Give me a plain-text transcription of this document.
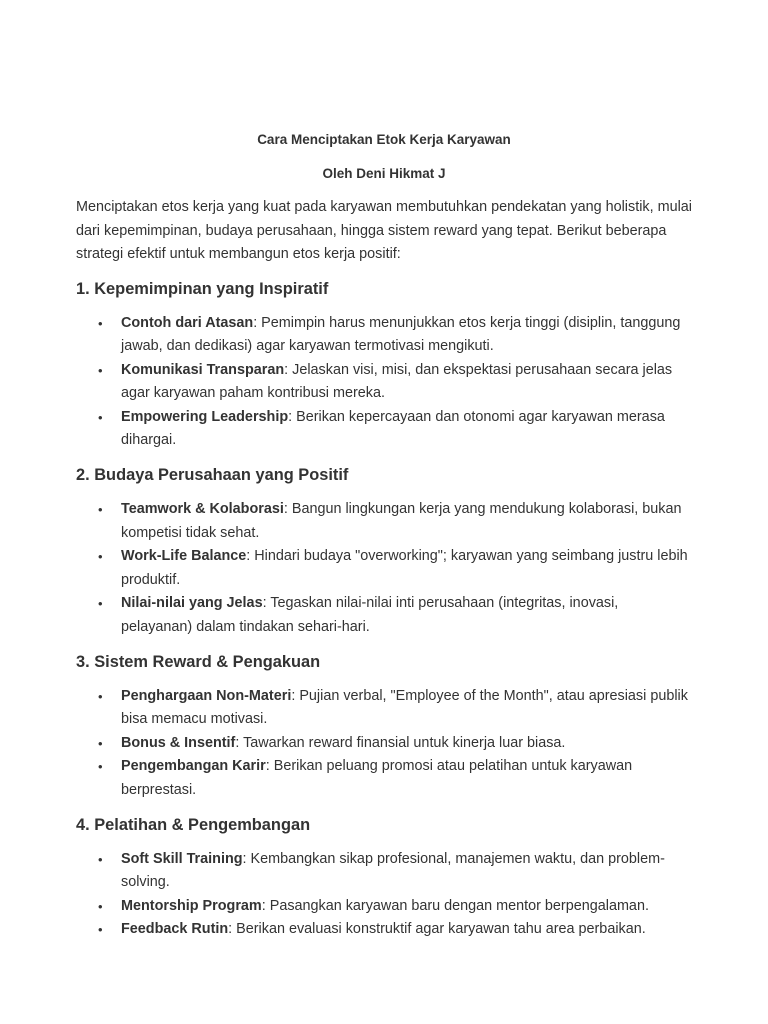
Cara Menciptakan Etok Kerja Karyawan

Oleh Deni Hikmat J

Menciptakan etos kerja yang kuat pada karyawan membutuhkan pendekatan yang holistik, mulai dari kepemimpinan, budaya perusahaan, hingga sistem reward yang tepat. Berikut beberapa strategi efektif untuk membangun etos kerja positif:

1. Kepemimpinan yang Inspiratif
• Contoh dari Atasan: Pemimpin harus menunjukkan etos kerja tinggi (disiplin, tanggung jawab, dan dedikasi) agar karyawan termotivasi mengikuti.
• Komunikasi Transparan: Jelaskan visi, misi, dan ekspektasi perusahaan secara jelas agar karyawan paham kontribusi mereka.
• Empowering Leadership: Berikan kepercayaan dan otonomi agar karyawan merasa dihargai.
2. Budaya Perusahaan yang Positif
• Teamwork & Kolaborasi: Bangun lingkungan kerja yang mendukung kolaborasi, bukan kompetisi tidak sehat.
• Work-Life Balance: Hindari budaya "overworking"; karyawan yang seimbang justru lebih produktif.
• Nilai-nilai yang Jelas: Tegaskan nilai-nilai inti perusahaan (integritas, inovasi, pelayanan) dalam tindakan sehari-hari.
3. Sistem Reward & Pengakuan
• Penghargaan Non-Materi: Pujian verbal, "Employee of the Month", atau apresiasi publik bisa memacu motivasi.
• Bonus & Insentif: Tawarkan reward finansial untuk kinerja luar biasa.
• Pengembangan Karir: Berikan peluang promosi atau pelatihan untuk karyawan berprestasi.
4. Pelatihan & Pengembangan
• Soft Skill Training: Kembangkan sikap profesional, manajemen waktu, dan problem-solving.
• Mentorship Program: Pasangkan karyawan baru dengan mentor berpengalaman.
• Feedback Rutin: Berikan evaluasi konstruktif agar karyawan tahu area perbaikan.
